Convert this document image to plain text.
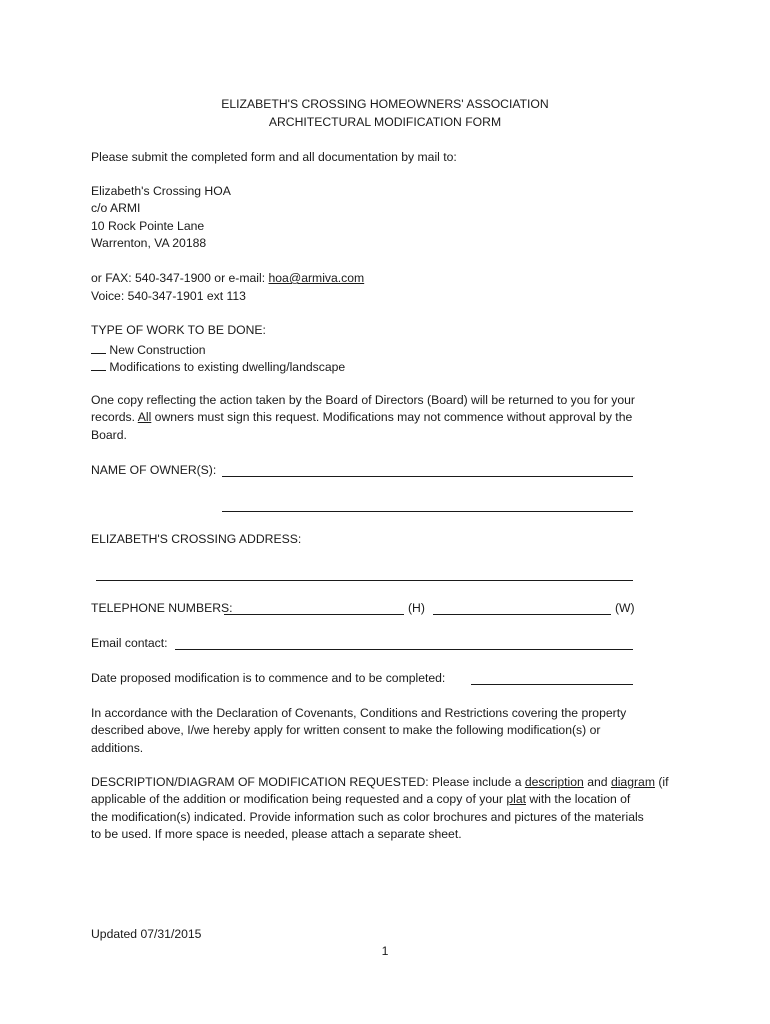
ELIZABETH'S CROSSING HOMEOWNERS' ASSOCIATION
ARCHITECTURAL MODIFICATION FORM
Please submit the completed form and all documentation by mail to:
Elizabeth's Crossing HOA
c/o ARMI
10 Rock Pointe Lane
Warrenton, VA 20188
or FAX: 540-347-1900 or e-mail: hoa@armiva.com
Voice: 540-347-1901 ext 113
TYPE OF WORK TO BE DONE:
New Construction
Modifications to existing dwelling/landscape
One copy reflecting the action taken by the Board of Directors (Board) will be returned to you for your
records. All owners must sign this request. Modifications may not commence without approval by the
Board.
NAME OF OWNER(S):
ELIZABETH'S CROSSING ADDRESS:
TELEPHONE NUMBERS:	(H)	(W)
Email contact:
Date proposed modification is to commence and to be completed:
In accordance with the Declaration of Covenants, Conditions and Restrictions covering the property
described above, I/we hereby apply for written consent to make the following modification(s) or
additions.
DESCRIPTION/DIAGRAM OF MODIFICATION REQUESTED: Please include a description and diagram (if
applicable of the addition or modification being requested and a copy of your plat with the location of
the modification(s) indicated. Provide information such as color brochures and pictures of the materials
to be used. If more space is needed, please attach a separate sheet.
Updated 07/31/2015
1
